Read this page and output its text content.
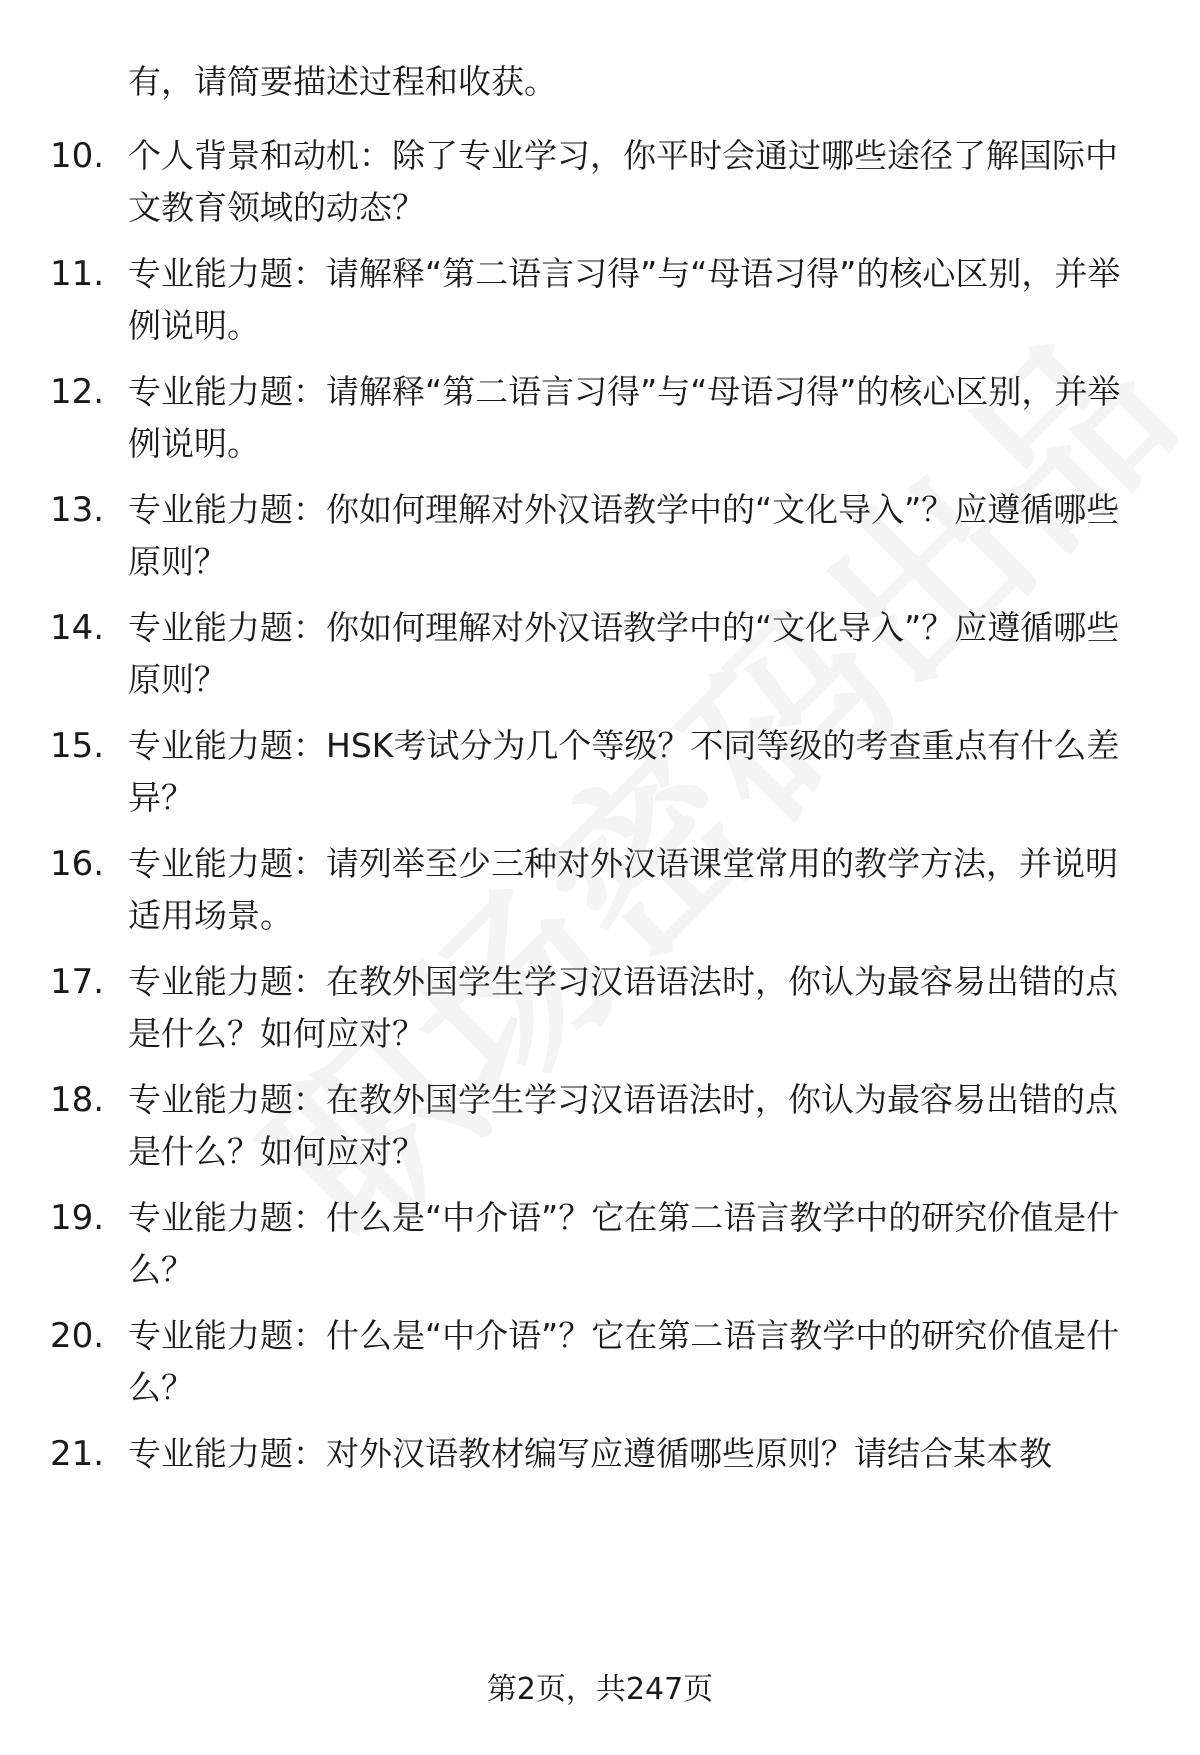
有，请简要描述过程和收获。
10. 个人背景和动机：除了专业学习，你平时会通过哪些途径了解国际中文教育领域的动态？
11. 专业能力题：请解释“第二语言习得”与“母语习得”的核心区别，并举例说明。
12. 专业能力题：请解释“第二语言习得”与“母语习得”的核心区别，并举例说明。
13. 专业能力题：你如何理解对外汉语教学中的“文化导入”？应遵循哪些原则？
14. 专业能力题：你如何理解对外汉语教学中的“文化导入”？应遵循哪些原则？
15. 专业能力题：HSK考试分为几个等级？不同等级的考查重点有什么差异？
16. 专业能力题：请列举至少三种对外汉语课堂常用的教学方法，并说明适用场景。
17. 专业能力题：在教外国学生学习汉语语法时，你认为最容易出错的点是什么？如何应对？
18. 专业能力题：在教外国学生学习汉语语法时，你认为最容易出错的点是什么？如何应对？
19. 专业能力题：什么是“中介语”？它在第二语言教学中的研究价值是什么？
20. 专业能力题：什么是“中介语”？它在第二语言教学中的研究价值是什么？
21. 专业能力题：对外汉语教材编写应遵循哪些原则？请结合某本教
第2页，共247页
